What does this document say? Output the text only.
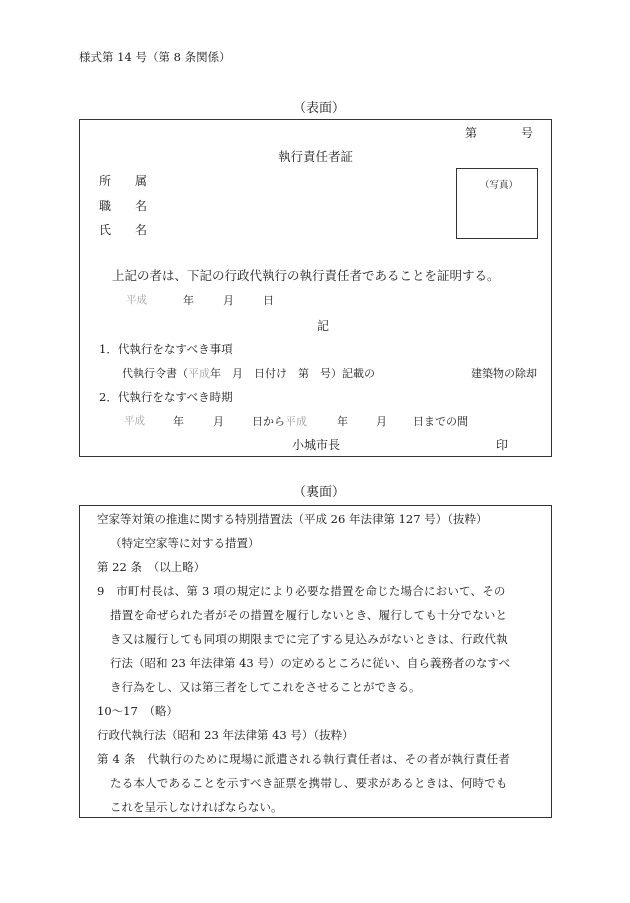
様式第 14 号（第 8 条関係）
（表面）
第	号
執行責任者証
所　　属
職　　名
氏　　名
（写真）
上記の者は、下記の行政代執行の執行責任者であることを証明する。
平成	年	月	日
記
1．代執行をなすべき事項
代執行令書（平成年　月　日付け　第　号）記載の	建築物の除却
2．代執行をなすべき時期
平成	年	月	日から平成	年	月 日までの間
小城市長	印
（裏面）
空家等対策の推進に関する特別措置法（平成 26 年法律第 127 号）（抜粋）
（特定空家等に対する措置）
第 22 条　（以上略）
9　市町村長は、第 3 項の規定により必要な措置を命じた場合において、その
措置を命ぜられた者がその措置を履行しないとき、履行しても十分でないと
き又は履行しても同項の期限までに完了する見込みがないときは、行政代執
行法（昭和 23 年法律第 43 号）の定めるところに従い、自ら義務者のなすべ
き行為をし、又は第三者をしてこれをさせることができる。
10～17　（略）
行政代執行法（昭和 23 年法律第 43 号）（抜粋）
第 4 条　代執行のために現場に派遣される執行責任者は、その者が執行責任者
たる本人であることを示すべき証票を携帯し、要求があるときは、何時でも
これを呈示しなければならない。
